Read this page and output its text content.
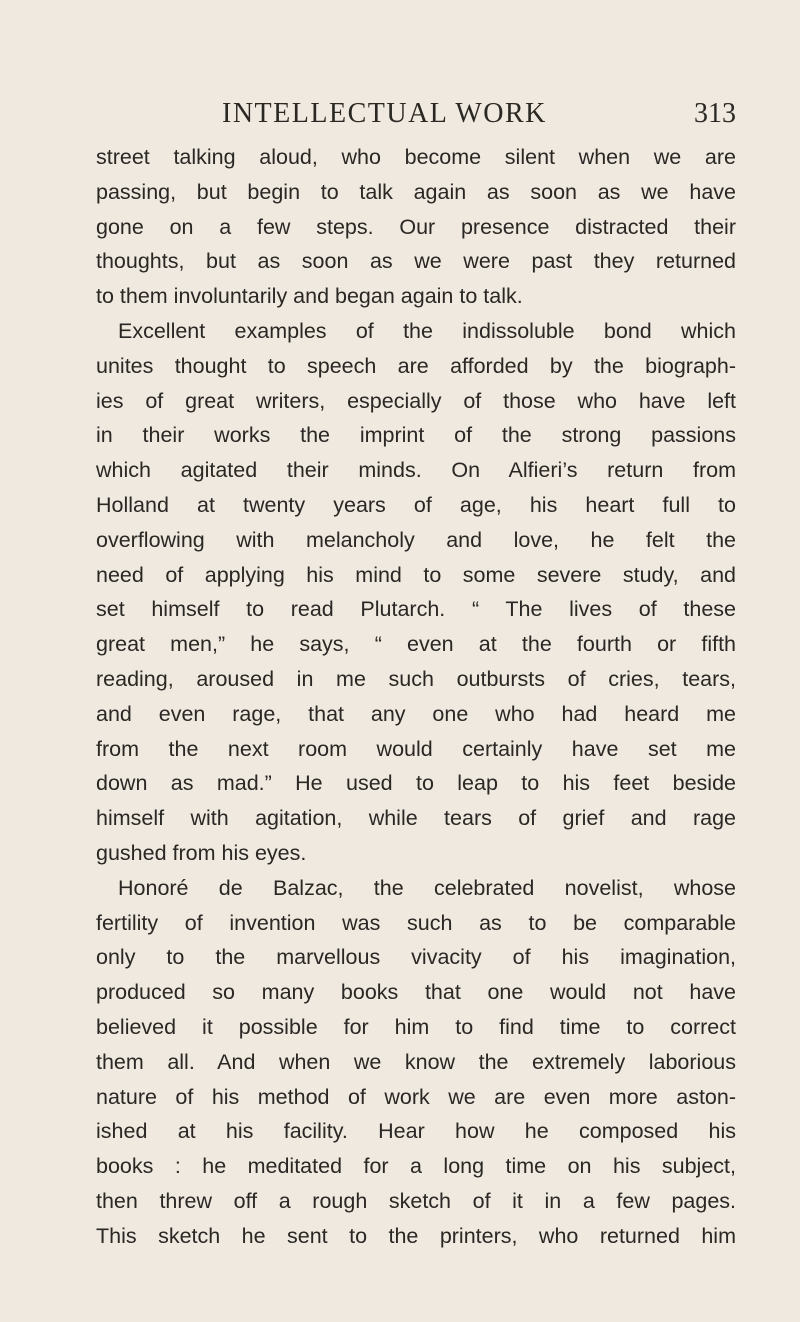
INTELLECTUAL WORK	313
street talking aloud, who become silent when we are
passing, but begin to talk again as soon as we have
gone on a few steps. Our presence distracted their
thoughts, but as soon as we were past they returned
to them involuntarily and began again to talk.
Excellent examples of the indissoluble bond which
unites thought to speech are afforded by the biograph-
ies of great writers, especially of those who have left
in their works the imprint of the strong passions
which agitated their minds. On Alfieri’s return from
Holland at twenty years of age, his heart full to
overflowing with melancholy and love, he felt the
need of applying his mind to some severe study, and
set himself to read Plutarch. “ The lives of these
great men,” he says, “ even at the fourth or fifth
reading, aroused in me such outbursts of cries, tears,
and even rage, that any one who had heard me
from the next room would certainly have set me
down as mad.” He used to leap to his feet beside
himself with agitation, while tears of grief and rage
gushed from his eyes.
Honoré de Balzac, the celebrated novelist, whose
fertility of invention was such as to be comparable
only to the marvellous vivacity of his imagination,
produced so many books that one would not have
believed it possible for him to find time to correct
them all. And when we know the extremely laborious
nature of his method of work we are even more aston-
ished at his facility. Hear how he composed his
books : he meditated for a long time on his subject,
then threw off a rough sketch of it in a few pages.
This sketch he sent to the printers, who returned him
